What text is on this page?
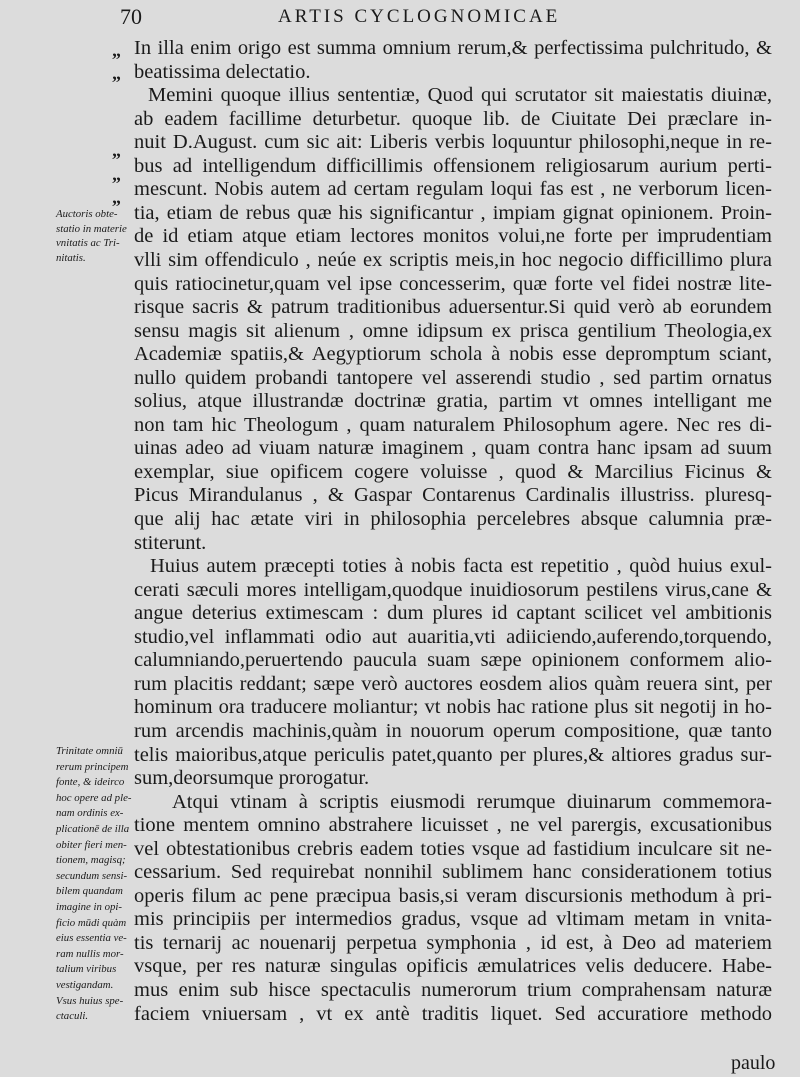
70	ARTIS CYCLOGNOMICAE
„
„
„
„
„
In illa enim origo est summa omnium rerum,& perfectissima pulchritudo, &
beatissima delectatio.
Memini quoque illius sententiæ, Quod qui scrutator sit maiestatis diuinæ,
ab eadem facillime deturbetur. quoque lib. de Ciuitate Dei præclare in-
nuit D.August. cum sic ait: Liberis verbis loquuntur philosophi,neque in re-
bus ad intelligendum difficillimis offensionem religiosarum aurium perti-
mescunt. Nobis autem ad certam regulam loqui fas est , ne verborum licen-
tia, etiam de rebus quæ his significantur , impiam gignat opinionem. Proin-
de id etiam atque etiam lectores monitos volui,ne forte per imprudentiam
vlli sim offendiculo , neúe ex scriptis meis,in hoc negocio difficillimo plura
quis ratiocinetur,quam vel ipse concesserim, quæ forte vel fidei nostræ lite-
risque sacris & patrum traditionibus aduersentur.Si quid verò ab eorundem
sensu magis sit alienum , omne idipsum ex prisca gentilium Theologia,ex
Academiæ spatiis,& Aegyptiorum schola à nobis esse depromptum sciant,
nullo quidem probandi tantopere vel asserendi studio , sed partim ornatus
solius, atque illustrandæ doctrinæ gratia, partim vt omnes intelligant me
non tam hic Theologum , quam naturalem Philosophum agere. Nec res di-
uinas adeo ad viuam naturæ imaginem , quam contra hanc ipsam ad suum
exemplar, siue opificem cogere voluisse , quod & Marcilius Ficinus &
Picus Mirandulanus , & Gaspar Contarenus Cardinalis illustriss. pluresq-
que alij hac ætate viri in philosophia percelebres absque calumnia præ-
stiterunt.
Huius autem præcepti toties à nobis facta est repetitio , quòd huius exul-
cerati sæculi mores intelligam,quodque inuidiosorum pestilens virus,cane &
angue deterius extimescam : dum plures id captant scilicet vel ambitionis
studio,vel inflammati odio aut auaritia,vti adiiciendo,auferendo,torquendo,
calumniando,peruertendo paucula suam sæpe opinionem conformem alio-
rum placitis reddant; sæpe verò auctores eosdem alios quàm reuera sint, per
hominum ora traducere moliantur; vt nobis hac ratione plus sit negotij in ho-
rum arcendis machinis,quàm in nouorum operum compositione, quæ tanto
telis maioribus,atque periculis patet,quanto per plures,& altiores gradus sur-
sum,deorsumque prorogatur.
Atqui vtinam à scriptis eiusmodi rerumque diuinarum commemora-
tione mentem omnino abstrahere licuisset , ne vel parergis, excusationibus
vel obtestationibus crebris eadem toties vsque ad fastidium inculcare sit ne-
cessarium. Sed requirebat nonnihil sublimem hanc considerationem totius
operis filum ac pene præcipua basis,si veram discursionis methodum à pri-
mis principiis per intermedios gradus, vsque ad vltimam metam in vnita-
tis ternarij ac nouenarij perpetua symphonia , id est, à Deo ad materiem
vsque, per res naturæ singulas opificis æmulatrices velis deducere. Habe-
mus enim sub hisce spectaculis numerorum trium comprahensam naturæ
faciem vniuersam , vt ex antè traditis liquet. Sed accuratiore methodo
Auctoris obte-
statio in materie
vnitatis ac Tri-
nitatis.
Trinitate omniū
rerum principem
fonte, & ideirco
hoc opere ad ple-
nam ordinis ex-
plicationē de illa
obiter fieri men-
tionem, magisq;
secundum sensi-
bilem quandam
imagine in opi-
ficio mūdi quàm
eius essentia ve-
ram nullis mor-
talium viribus
vestigandam.
Vsus huius spe-
ctaculi.
paulo
